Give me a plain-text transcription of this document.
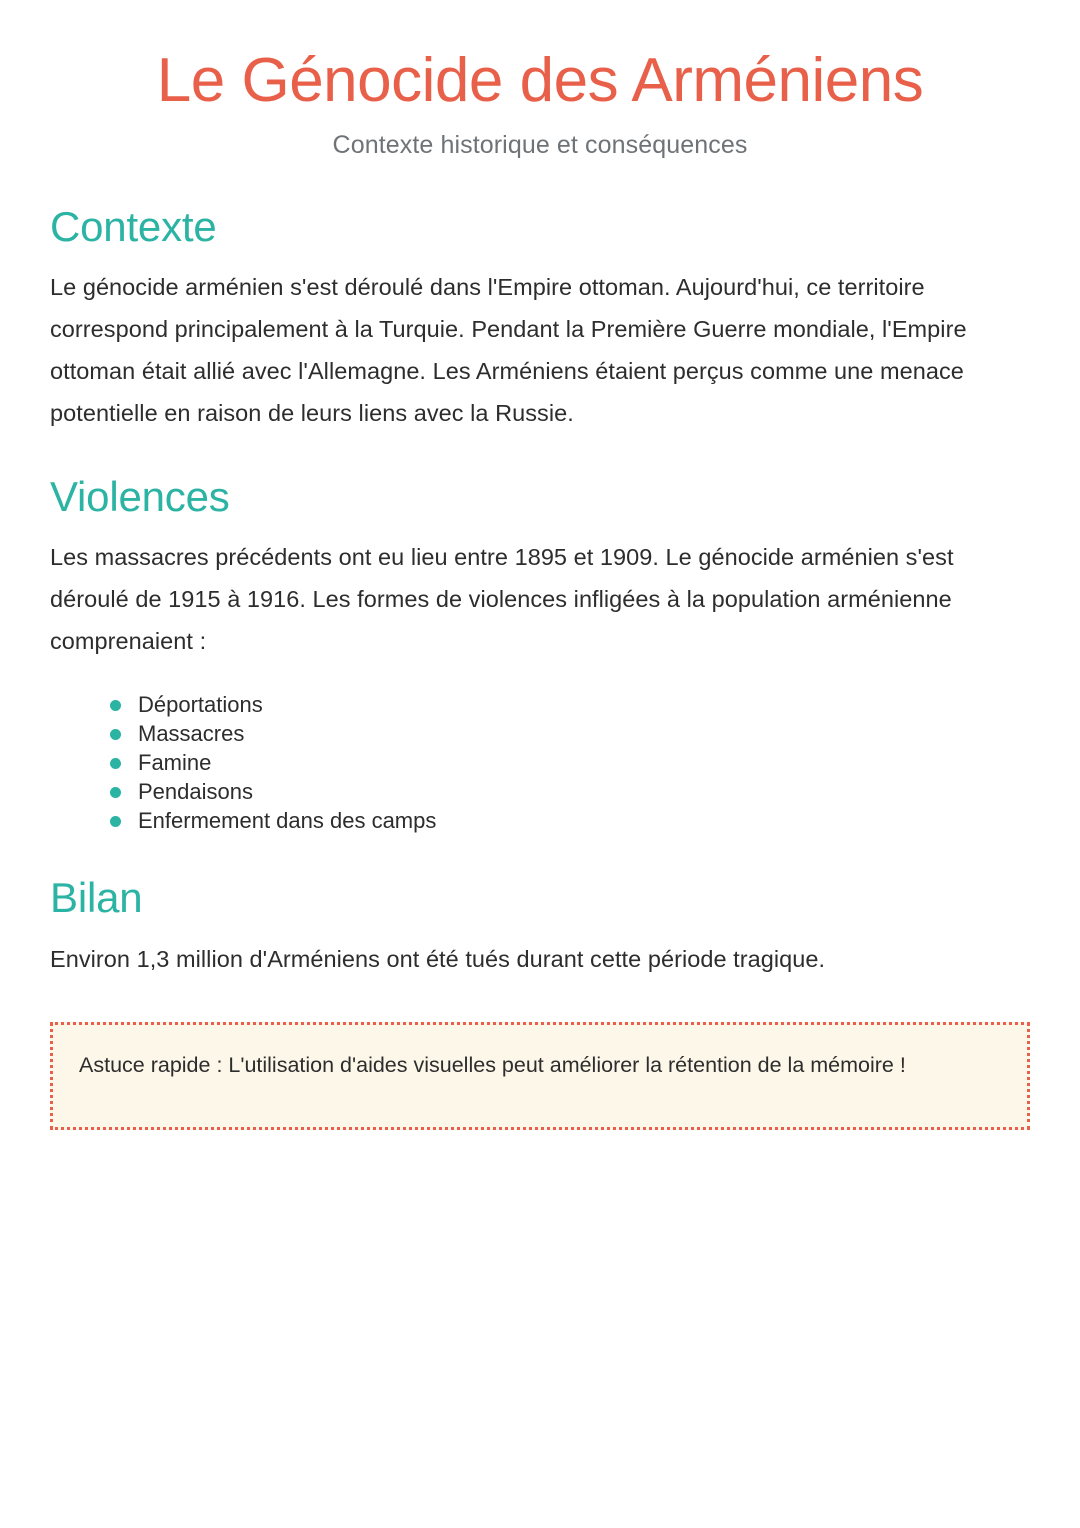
Le Génocide des Arméniens

Contexte historique et conséquences

Contexte

Le génocide arménien s'est déroulé dans l'Empire ottoman. Aujourd'hui, ce territoire correspond principalement à la Turquie. Pendant la Première Guerre mondiale, l'Empire ottoman était allié avec l'Allemagne. Les Arméniens étaient perçus comme une menace potentielle en raison de leurs liens avec la Russie.

Violences

Les massacres précédents ont eu lieu entre 1895 et 1909. Le génocide arménien s'est déroulé de 1915 à 1916. Les formes de violences infligées à la population arménienne comprenaient :

Déportations
Massacres
Famine
Pendaisons
Enfermement dans des camps
Bilan

Environ 1,3 million d'Arméniens ont été tués durant cette période tragique.

Astuce rapide : L'utilisation d'aides visuelles peut améliorer la rétention de la mémoire !
